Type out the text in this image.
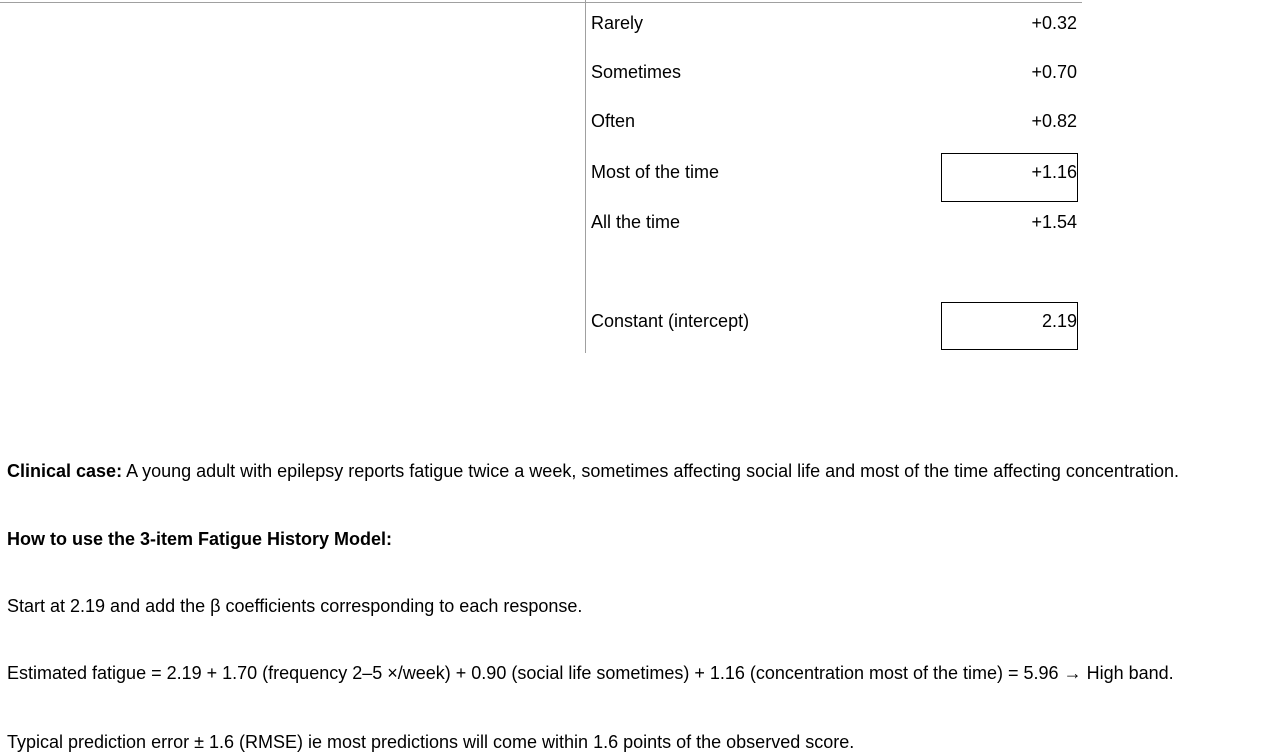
Rarely	+0.32
Sometimes	+0.70
Often	+0.82
Most of the time	+1.16
All the time	+1.54
Constant (intercept)	2.19
Clinical case: A young adult with epilepsy reports fatigue twice a week, sometimes affecting social life and most of the time affecting concentration.
How to use the 3-item Fatigue History Model:
Start at 2.19 and add the β coefficients corresponding to each response.
Estimated fatigue = 2.19 + 1.70 (frequency 2–5 ×/week) + 0.90 (social life sometimes) + 1.16 (concentration most of the time) = 5.96 → High band.
Typical prediction error ± 1.6 (RMSE) ie most predictions will come within 1.6 points of the observed score.
